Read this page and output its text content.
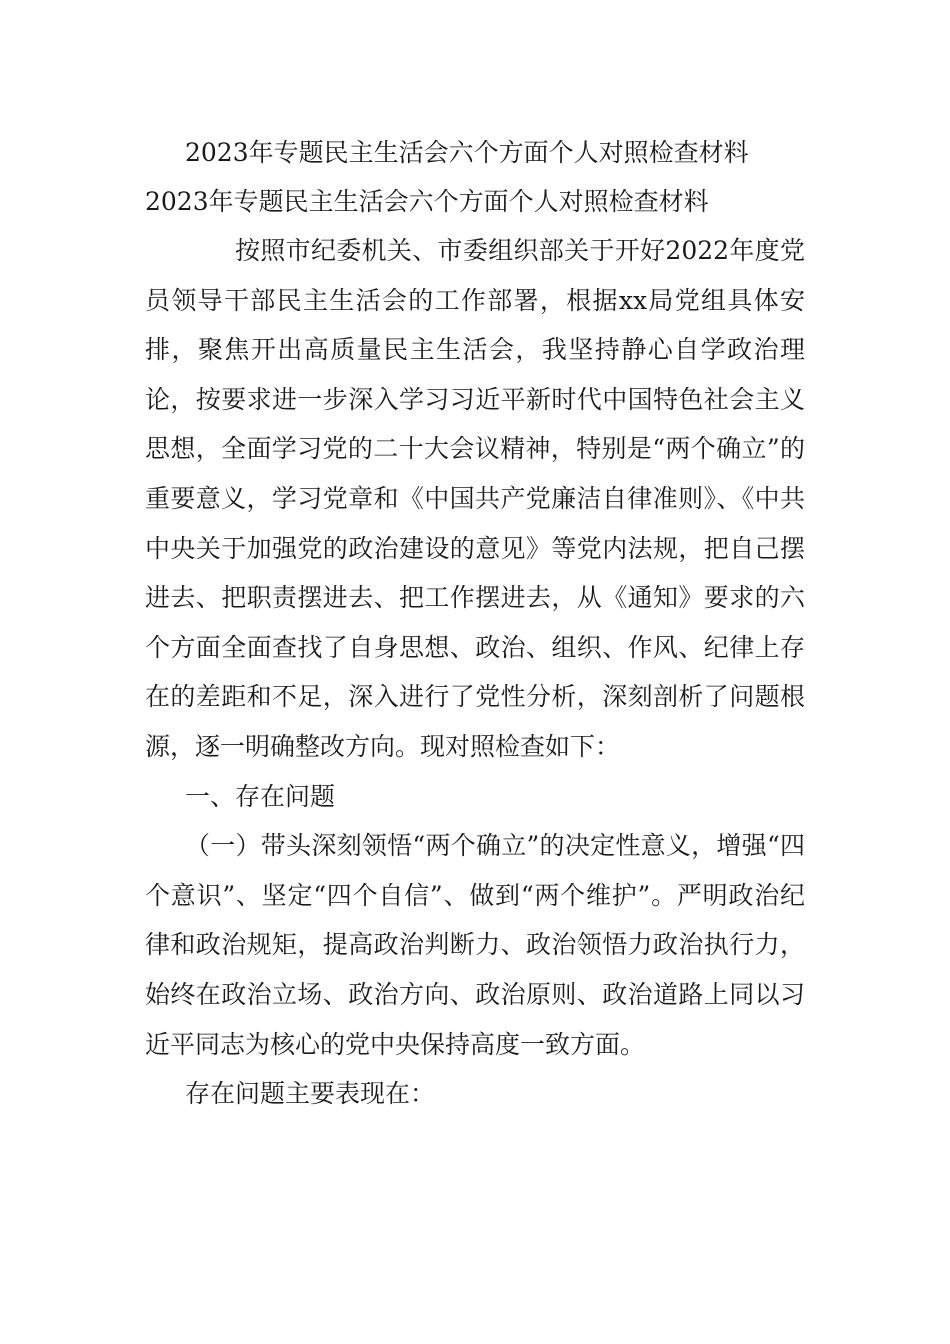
2023年专题民主生活会六个方面个人对照检查材料
2023年专题民主生活会六个方面个人对照检查材料

按照市纪委机关、市委组织部关于开好2022年度党员领导干部民主生活会的工作部署，根据xx局党组具体安排，聚焦开出高质量民主生活会，我坚持静心自学政治理论，按要求进一步深入学习习近平新时代中国特色社会主义思想，全面学习党的二十大会议精神，特别是“两个确立”的重要意义，学习党章和《中国共产党廉洁自律准则》、《中共中央关于加强党的政治建设的意见》等党内法规，把自己摆进去、把职责摆进去、把工作摆进去，从《通知》要求的六个方面全面查找了自身思想、政治、组织、作风、纪律上存在的差距和不足，深入进行了党性分析，深刻剖析了问题根源，逐一明确整改方向。现对照检查如下：

一、存在问题

（一）带头深刻领悟“两个确立”的决定性意义，增强“四个意识”、坚定“四个自信”、做到“两个维护”。严明政治纪律和政治规矩，提高政治判断力、政治领悟力政治执行力，始终在政治立场、政治方向、政治原则、政治道路上同以习近平同志为核心的党中央保持高度一致方面。

存在问题主要表现在：
